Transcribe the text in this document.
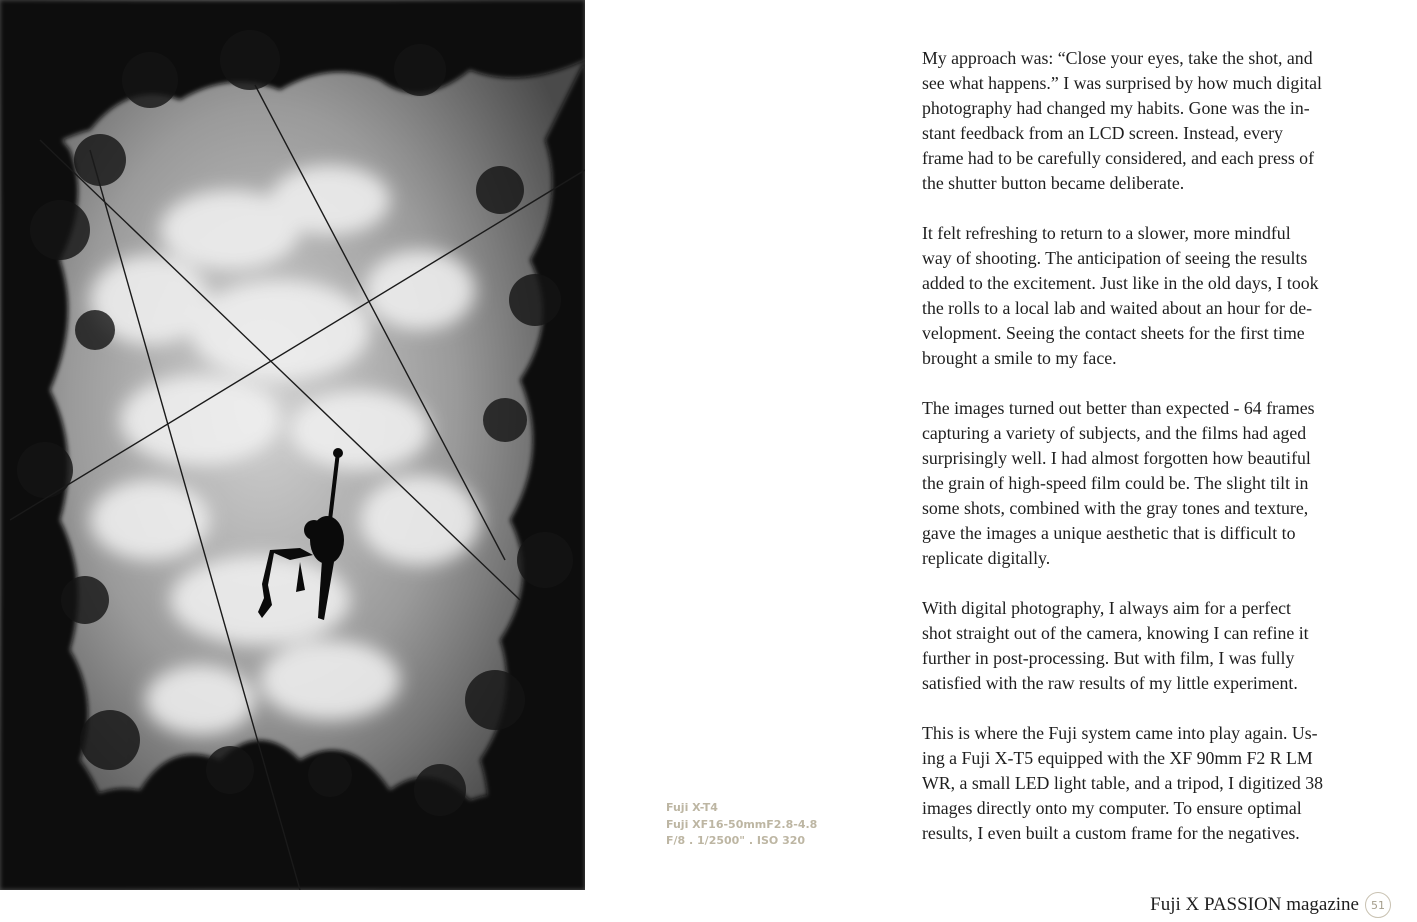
Fuji X-T4
Fuji XF16-50mmF2.8-4.8
F/8 . 1/2500" . ISO 320

My approach was: “Close your eyes, take the shot, and
see what happens.” I was surprised by how much digital
photography had changed my habits. Gone was the in-
stant feedback from an LCD screen. Instead, every
frame had to be carefully considered, and each press of
the shutter button became deliberate.

It felt refreshing to return to a slower, more mindful
way of shooting. The anticipation of seeing the results
added to the excitement. Just like in the old days, I took
the rolls to a local lab and waited about an hour for de-
velopment. Seeing the contact sheets for the first time
brought a smile to my face.

The images turned out better than expected - 64 frames
capturing a variety of subjects, and the films had aged
surprisingly well. I had almost forgotten how beautiful
the grain of high-speed film could be. The slight tilt in
some shots, combined with the gray tones and texture,
gave the images a unique aesthetic that is difficult to
replicate digitally.

With digital photography, I always aim for a perfect
shot straight out of the camera, knowing I can refine it
further in post-processing. But with film, I was fully
satisfied with the raw results of my little experiment.

This is where the Fuji system came into play again. Us-
ing a Fuji X-T5 equipped with the XF 90mm F2 R LM
WR, a small LED light table, and a tripod, I digitized 38
images directly onto my computer. To ensure optimal
results, I even built a custom frame for the negatives.

Fuji X PASSION magazine	51
